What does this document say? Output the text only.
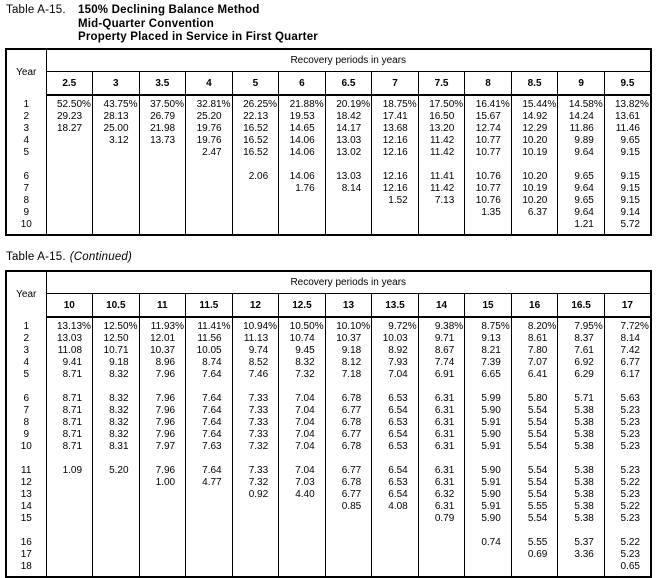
Table A-15.	150% Declining Balance Method
Mid-Quarter Convention
Property Placed in Service in First Quarter
Year	Recovery periods in years												
	2.5	3	3.5	4	5	6	6.5	7	7.5	8	8.5	9	9.5
1	52.50%	43.75%	37.50%	32.81%	26.25%	21.88%	20.19%	18.75%	17.50%	16.41%	15.44%	14.58%	13.82%
2	29.23	28.13	26.79	25.20	22.13	19.53	18.42	17.41	16.50	15.67	14.92	14.24	13.61
3	18.27	25.00	21.98	19.76	16.52	14.65	14.17	13.68	13.20	12.74	12.29	11.86	11.46
4		3.12	13.73	19.76	16.52	14.06	13.03	12.16	11.42	10.77	10.20	9.89	9.65
5				2.47	16.52	14.06	13.02	12.16	11.42	10.77	10.19	9.64	9.15

6					2.06	14.06	13.03	12.16	11.41	10.76	10.20	9.65	9.15
7						1.76	8.14	12.16	11.42	10.77	10.19	9.64	9.15
8								1.52	7.13	10.76	10.20	9.65	9.15
9										1.35	6.37	9.64	9.14
10												1.21	5.72
Table A-15. (Continued)
Year	Recovery periods in years												
	10	10.5	11	11.5	12	12.5	13	13.5	14	15	16	16.5	17
1	13.13%	12.50%	11.93%	11.41%	10.94%	10.50%	10.10%	9.72%	9.38%	8.75%	8.20%	7.95%	7.72%
2	13.03	12.50	12.01	11.56	11.13	10.74	10.37	10.03	9.71	9.13	8.61	8.37	8.14
3	11.08	10.71	10.37	10.05	9.74	9.45	9.18	8.92	8.67	8.21	7.80	7.61	7.42
4	9.41	9.18	8.96	8.74	8.52	8.32	8.12	7.93	7.74	7.39	7.07	6.92	6.77
5	8.71	8.32	7.96	7.64	7.46	7.32	7.18	7.04	6.91	6.65	6.41	6.29	6.17

6	8.71	8.32	7.96	7.64	7.33	7.04	6.78	6.53	6.31	5.99	5.80	5.71	5.63
7	8.71	8.32	7.96	7.64	7.33	7.04	6.77	6.54	6.31	5.90	5.54	5.38	5.23
8	8.71	8.32	7.96	7.64	7.33	7.04	6.78	6.53	6.31	5.91	5.54	5.38	5.23
9	8.71	8.32	7.96	7.64	7.33	7.04	6.77	6.54	6.31	5.90	5.54	5.38	5.23
10	8.71	8.31	7.97	7.63	7.32	7.04	6.78	6.53	6.31	5.91	5.54	5.38	5.23

11	1.09	5.20	7.96	7.64	7.33	7.04	6.77	6.54	6.31	5.90	5.54	5.38	5.23
12			1.00	4.77	7.32	7.03	6.78	6.53	6.31	5.91	5.54	5.38	5.22
13					0.92	4.40	6.77	6.54	6.32	5.90	5.54	5.38	5.23
14							0.85	4.08	6.31	5.91	5.55	5.38	5.22
15									0.79	5.90	5.54	5.38	5.23

16										0.74	5.55	5.37	5.22
17											0.69	3.36	5.23
18													0.65
